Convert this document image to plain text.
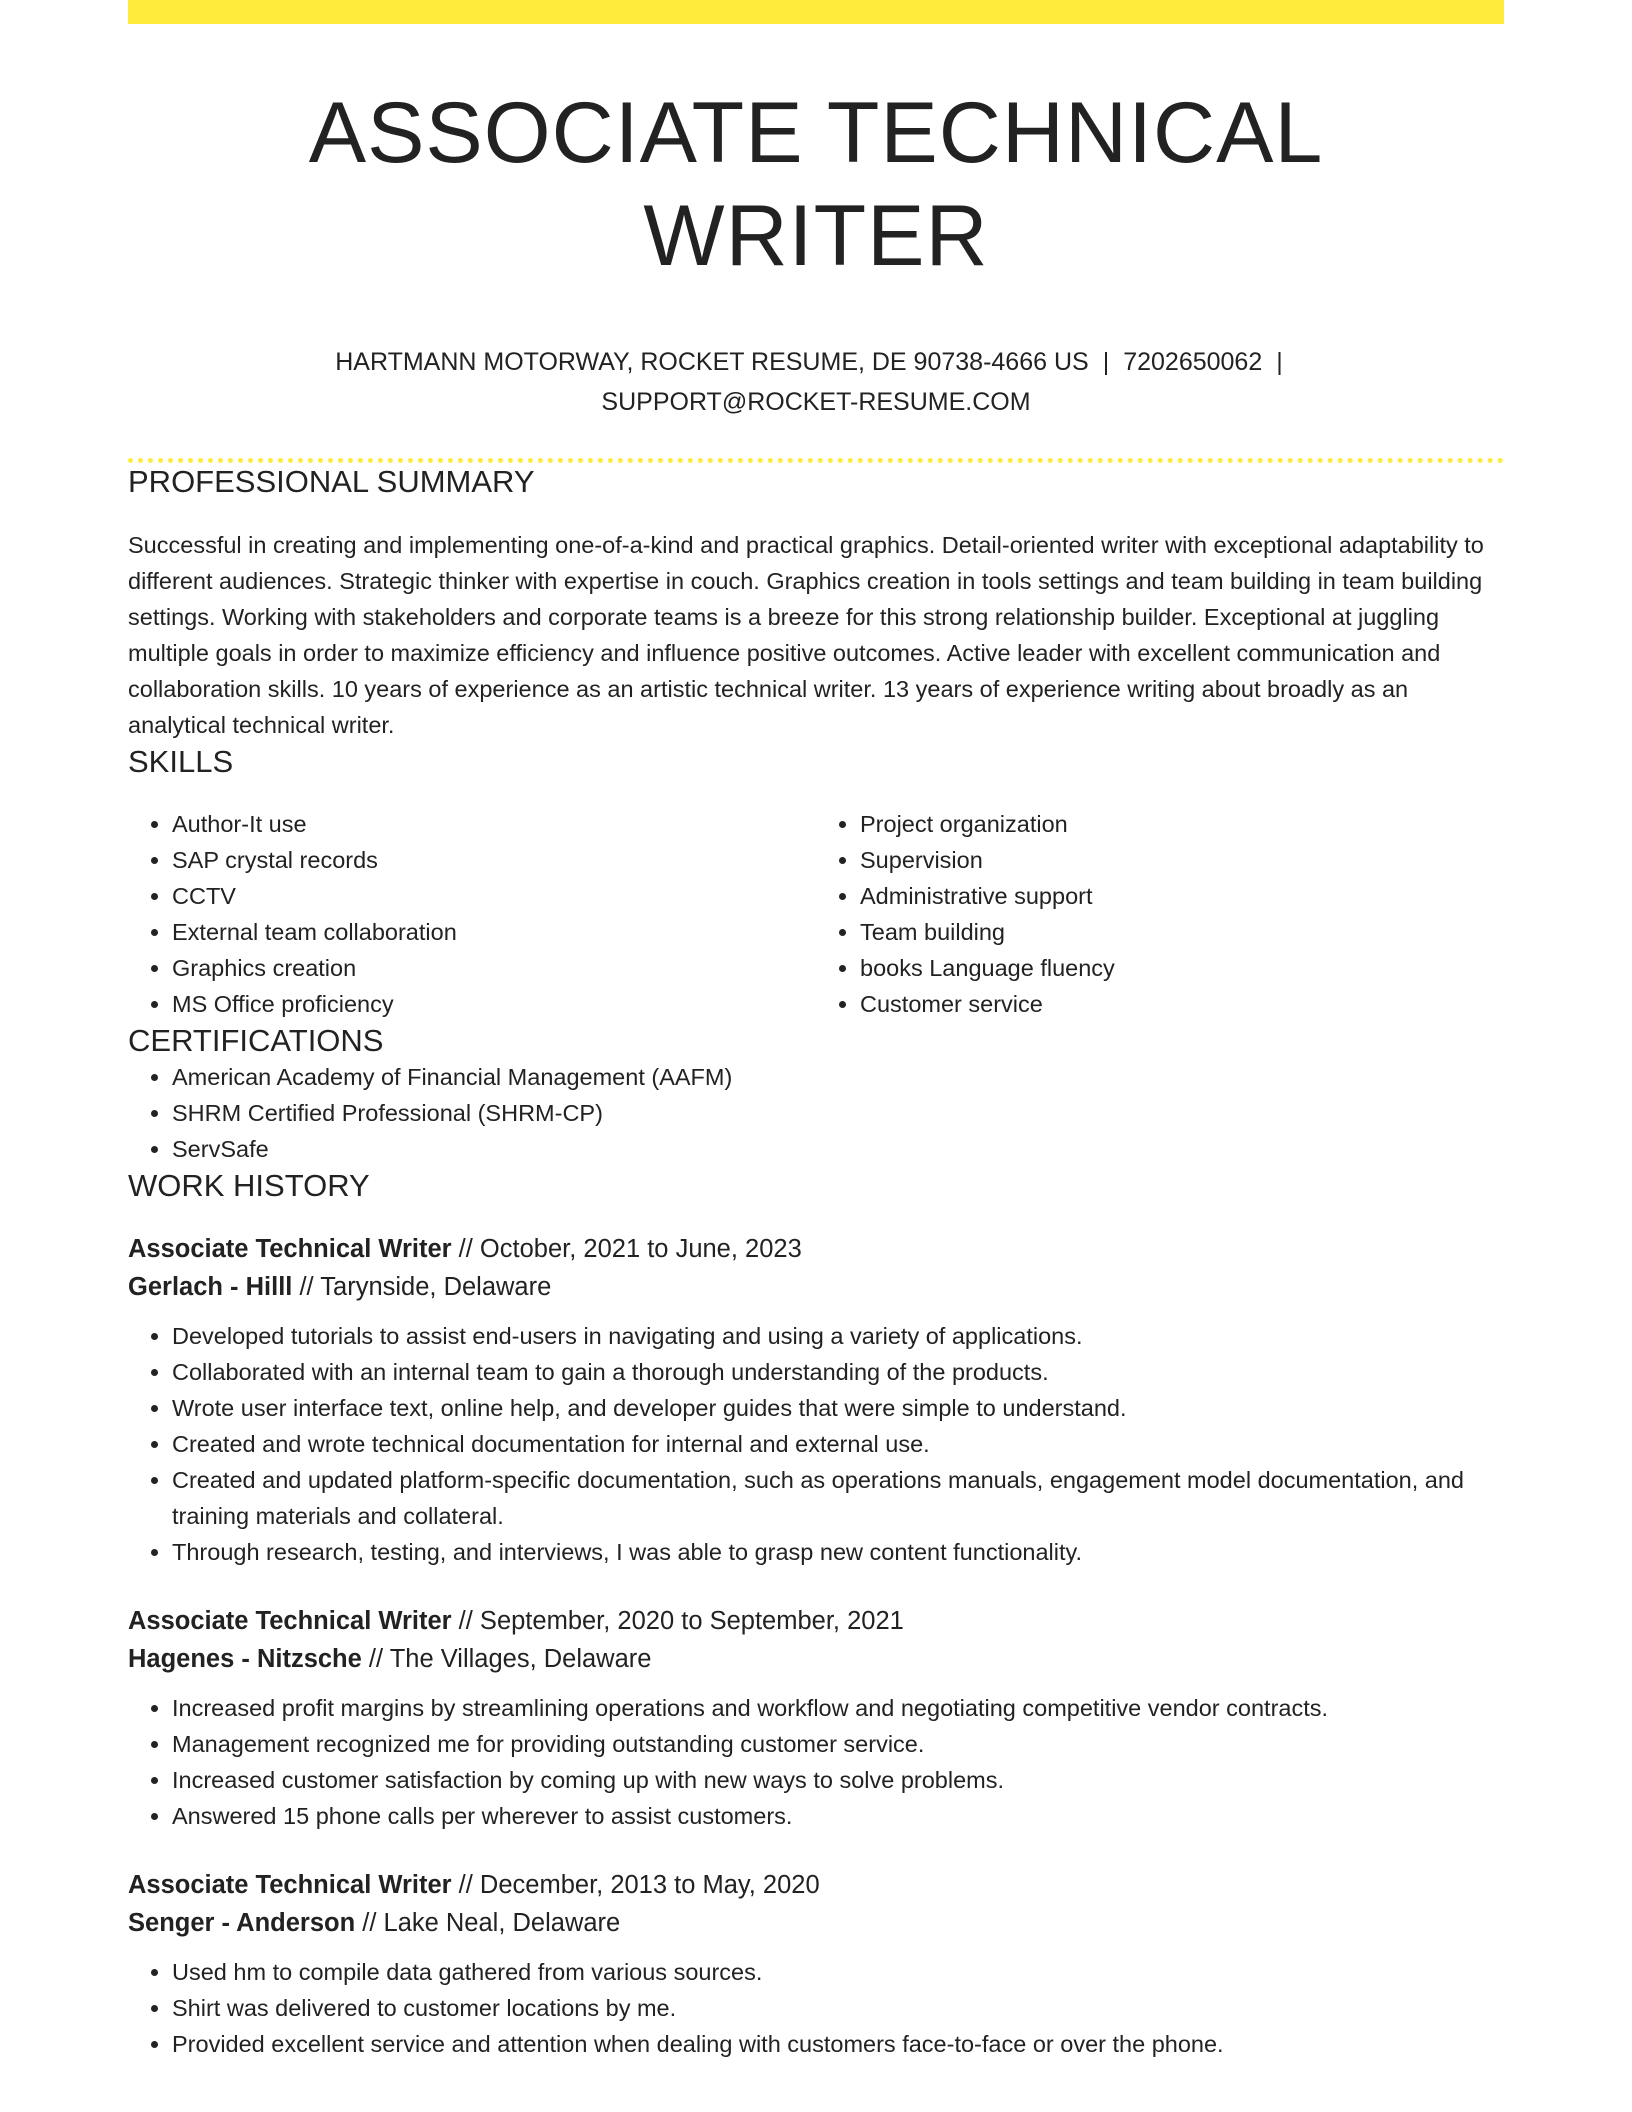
ASSOCIATE TECHNICAL WRITER
HARTMANN MOTORWAY, ROCKET RESUME, DE 90738-4666 US | 7202650062 |
SUPPORT@ROCKET-RESUME.COM
PROFESSIONAL SUMMARY
Successful in creating and implementing one-of-a-kind and practical graphics. Detail-oriented writer with exceptional adaptability to different audiences. Strategic thinker with expertise in couch. Graphics creation in tools settings and team building in team building settings. Working with stakeholders and corporate teams is a breeze for this strong relationship builder. Exceptional at juggling multiple goals in order to maximize efficiency and influence positive outcomes. Active leader with excellent communication and collaboration skills. 10 years of experience as an artistic technical writer. 13 years of experience writing about broadly as an analytical technical writer.
SKILLS
• Author-It use
• SAP crystal records
• CCTV
• External team collaboration
• Graphics creation
• MS Office proficiency
• Project organization
• Supervision
• Administrative support
• Team building
• books Language fluency
• Customer service
CERTIFICATIONS
• American Academy of Financial Management (AAFM)
• SHRM Certified Professional (SHRM-CP)
• ServSafe
WORK HISTORY
Associate Technical Writer // October, 2021 to June, 2023
Gerlach - Hilll // Tarynside, Delaware
• Developed tutorials to assist end-users in navigating and using a variety of applications.
• Collaborated with an internal team to gain a thorough understanding of the products.
• Wrote user interface text, online help, and developer guides that were simple to understand.
• Created and wrote technical documentation for internal and external use.
• Created and updated platform-specific documentation, such as operations manuals, engagement model documentation, and training materials and collateral.
• Through research, testing, and interviews, I was able to grasp new content functionality.
Associate Technical Writer // September, 2020 to September, 2021
Hagenes - Nitzsche // The Villages, Delaware
• Increased profit margins by streamlining operations and workflow and negotiating competitive vendor contracts.
• Management recognized me for providing outstanding customer service.
• Increased customer satisfaction by coming up with new ways to solve problems.
• Answered 15 phone calls per wherever to assist customers.
Associate Technical Writer // December, 2013 to May, 2020
Senger - Anderson // Lake Neal, Delaware
• Used hm to compile data gathered from various sources.
• Shirt was delivered to customer locations by me.
• Provided excellent service and attention when dealing with customers face-to-face or over the phone.
